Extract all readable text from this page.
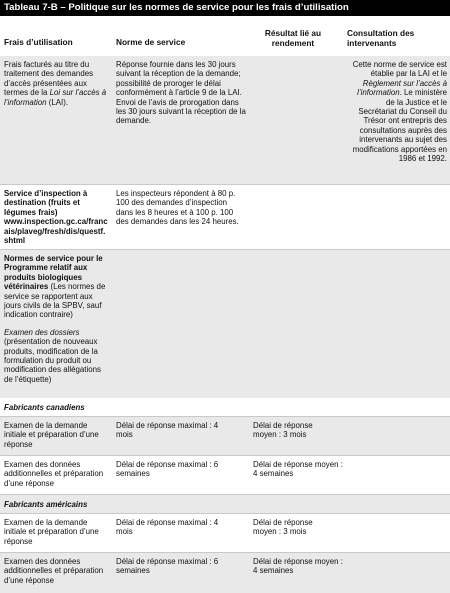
Tableau 7-B – Politique sur les normes de service pour les frais d’utilisation
Frais d’utilisation	Norme de service
Résultat lié au rendement
Consultation des intervenants
Frais facturés au titre du traitement des demandes d’accès présentées aux termes de la Loi sur l’accès à l’information (LAI).
Réponse fournie dans les 30 jours suivant la réception de la demande; possibilité de proroger le délai conformément à l’article 9 de la LAI. Envoi de l’avis de prorogation dans les 30 jours suivant la réception de la demande.
Cette norme de service est établie par la LAI et le Règlement sur l’accès à l’information. Le ministère de la Justice et le Secrétariat du Conseil du Trésor ont entrepris des consultations auprès des intervenants au sujet des modifications apportées en 1986 et 1992.
Service d’inspection à destination (fruits et légumes frais)
www.inspection.gc.ca/francais/plaveg/fresh/dis/questf.shtml
Les inspecteurs répondent à 80 p. 100 des demandes d’inspection dans les 8 heures et à 100 p. 100 des demandes dans les 24 heures.
Normes de service pour le Programme relatif aux produits biologiques vétérinaires (Les normes de service se rapportent aux jours civils de la SPBV, sauf indication contraire)
Examen des dossiers
(présentation de nouveaux produits, modification de la formulation du produit ou modification des allégations de l’étiquette)
Fabricants canadiens
Examen de la demande initiale et préparation d’une réponse
Délai de réponse maximal : 4 mois
Délai de réponse moyen : 3 mois
Examen des données additionnelles et préparation d’une réponse
Délai de réponse maximal : 6 semaines
Délai de réponse moyen : 4 semaines
Fabricants américains
Examen de la demande initiale et préparation d’une réponse
Délai de réponse maximal : 4 mois
Délai de réponse moyen : 3 mois
Examen des données additionnelles et préparation d’une réponse
Délai de réponse maximal : 6 semaines
Délai de réponse moyen : 4 semaines
